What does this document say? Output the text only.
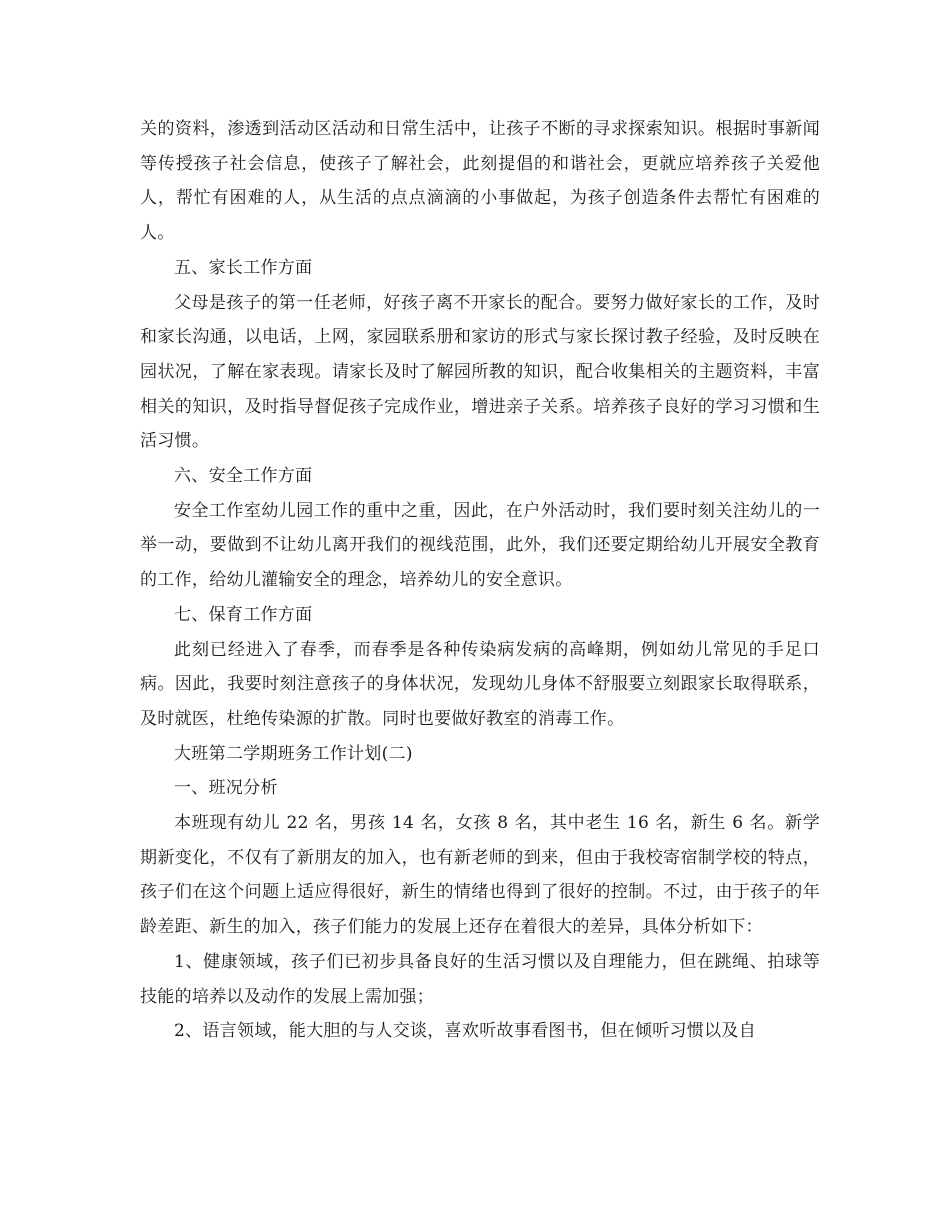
关的资料，渗透到活动区活动和日常生活中，让孩子不断的寻求探索知识。根据时事新闻等传授孩子社会信息，使孩子了解社会，此刻提倡的和谐社会，更就应培养孩子关爱他人，帮忙有困难的人，从生活的点点滴滴的小事做起，为孩子创造条件去帮忙有困难的人。

五、家长工作方面

父母是孩子的第一任老师，好孩子离不开家长的配合。要努力做好家长的工作，及时和家长沟通，以电话，上网，家园联系册和家访的形式与家长探讨教子经验，及时反映在园状况，了解在家表现。请家长及时了解园所教的知识，配合收集相关的主题资料，丰富相关的知识，及时指导督促孩子完成作业，增进亲子关系。培养孩子良好的学习习惯和生活习惯。

六、安全工作方面

安全工作室幼儿园工作的重中之重，因此，在户外活动时，我们要时刻关注幼儿的一举一动，要做到不让幼儿离开我们的视线范围，此外，我们还要定期给幼儿开展安全教育的工作，给幼儿灌输安全的理念，培养幼儿的安全意识。

七、保育工作方面

此刻已经进入了春季，而春季是各种传染病发病的高峰期，例如幼儿常见的手足口病。因此，我要时刻注意孩子的身体状况，发现幼儿身体不舒服要立刻跟家长取得联系，及时就医，杜绝传染源的扩散。同时也要做好教室的消毒工作。

大班第二学期班务工作计划(二)

一、班况分析

本班现有幼儿 22 名，男孩 14 名，女孩 8 名，其中老生 16 名，新生 6 名。新学期新变化，不仅有了新朋友的加入，也有新老师的到来，但由于我校寄宿制学校的特点，孩子们在这个问题上适应得很好，新生的情绪也得到了很好的控制。不过，由于孩子的年龄差距、新生的加入，孩子们能力的发展上还存在着很大的差异，具体分析如下：

1、健康领域，孩子们已初步具备良好的生活习惯以及自理能力，但在跳绳、拍球等技能的培养以及动作的发展上需加强；

2、语言领域，能大胆的与人交谈，喜欢听故事看图书，但在倾听习惯以及自
